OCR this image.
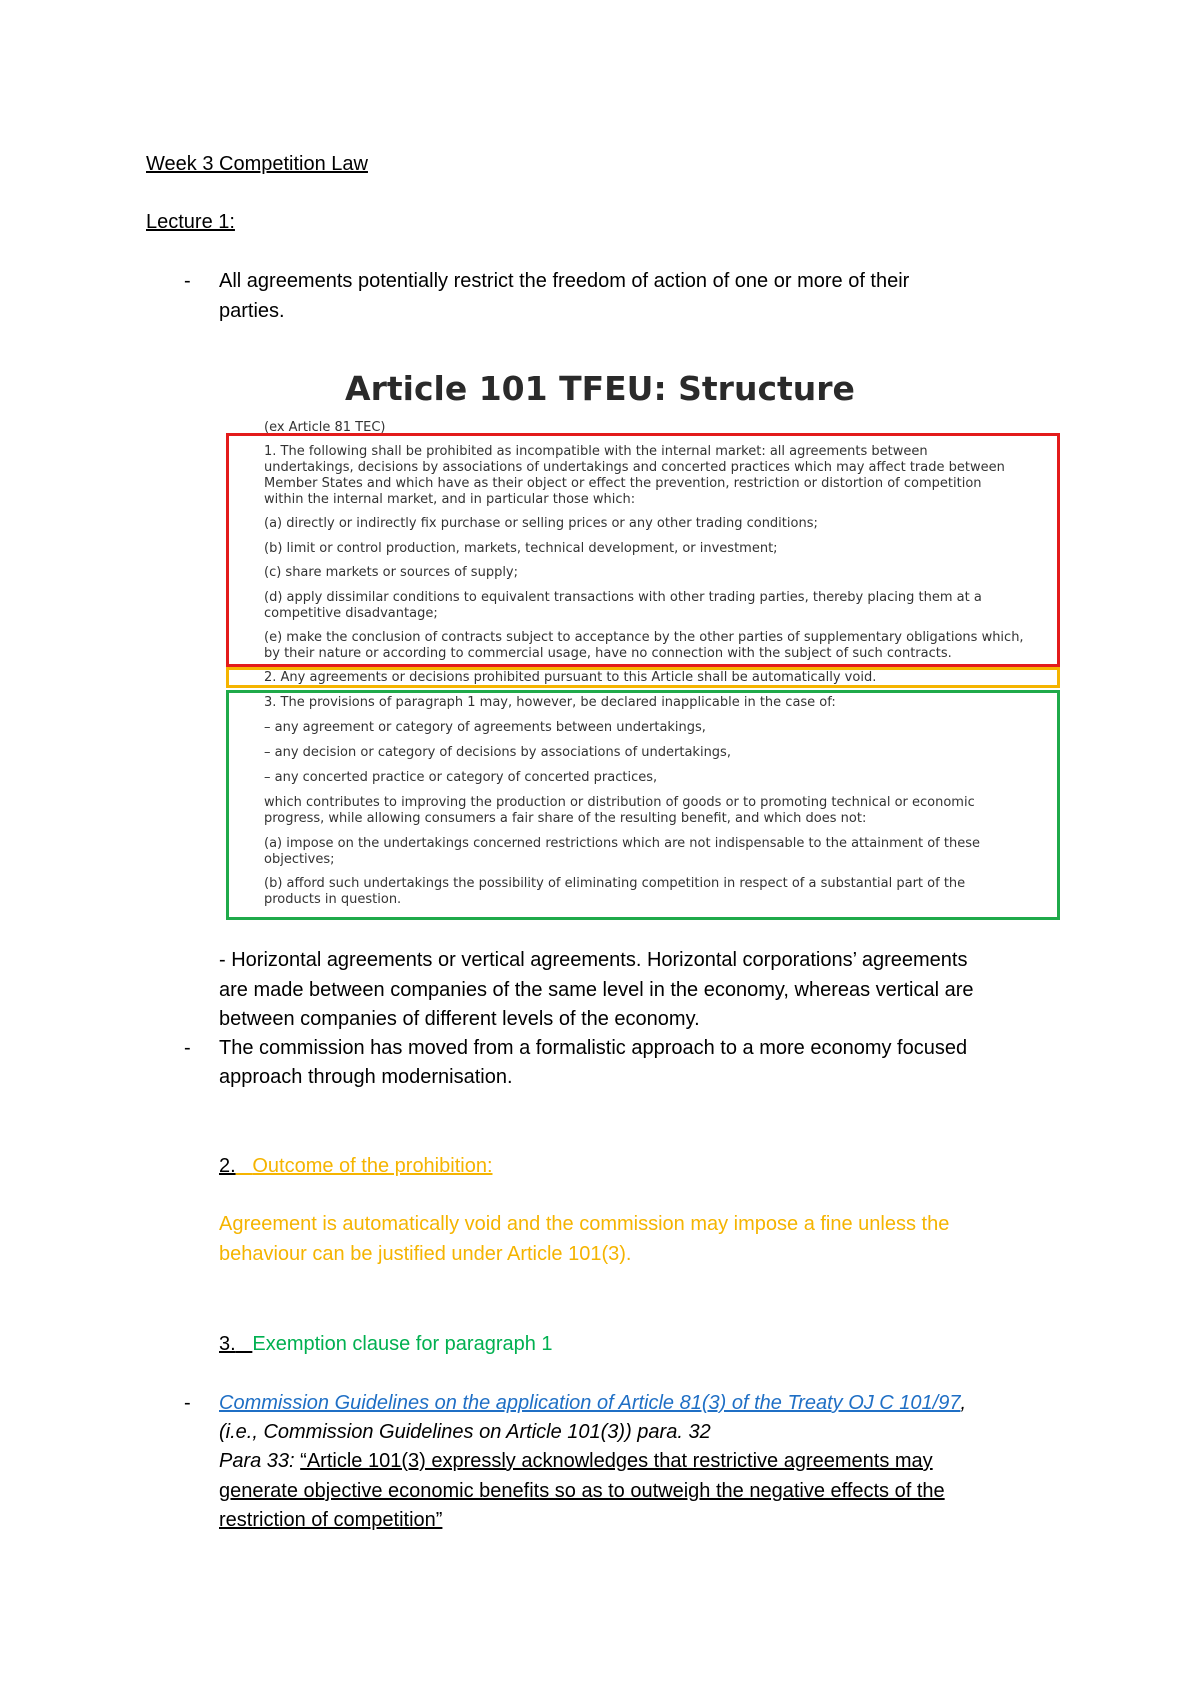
Week 3 Competition Law
Lecture 1:
- All agreements potentially restrict the freedom of action of one or more of their
parties.
Article 101 TFEU: Structure
(ex Article 81 TEC)
1. The following shall be prohibited as incompatible with the internal market: all agreements between
undertakings, decisions by associations of undertakings and concerted practices which may affect trade between
Member States and which have as their object or effect the prevention, restriction or distortion of competition
within the internal market, and in particular those which:
(a) directly or indirectly fix purchase or selling prices or any other trading conditions;
(b) limit or control production, markets, technical development, or investment;
(c) share markets or sources of supply;
(d) apply dissimilar conditions to equivalent transactions with other trading parties, thereby placing them at a
competitive disadvantage;
(e) make the conclusion of contracts subject to acceptance by the other parties of supplementary obligations which,
by their nature or according to commercial usage, have no connection with the subject of such contracts.
2. Any agreements or decisions prohibited pursuant to this Article shall be automatically void.
3. The provisions of paragraph 1 may, however, be declared inapplicable in the case of:
– any agreement or category of agreements between undertakings,
– any decision or category of decisions by associations of undertakings,
– any concerted practice or category of concerted practices,
which contributes to improving the production or distribution of goods or to promoting technical or economic
progress, while allowing consumers a fair share of the resulting benefit, and which does not:
(a) impose on the undertakings concerned restrictions which are not indispensable to the attainment of these
objectives;
(b) afford such undertakings the possibility of eliminating competition in respect of a substantial part of the
products in question.
- Horizontal agreements or vertical agreements. Horizontal corporations’ agreements
are made between companies of the same level in the economy, whereas vertical are
between companies of different levels of the economy.
- The commission has moved from a formalistic approach to a more economy focused
approach through modernisation.
2. Outcome of the prohibition:
Agreement is automatically void and the commission may impose a fine unless the
behaviour can be justified under Article 101(3).
3. Exemption clause for paragraph 1
- Commission Guidelines on the application of Article 81(3) of the Treaty OJ C 101/97,
(i.e., Commission Guidelines on Article 101(3)) para. 32
Para 33: “Article 101(3) expressly acknowledges that restrictive agreements may
generate objective economic benefits so as to outweigh the negative effects of the
restriction of competition”
